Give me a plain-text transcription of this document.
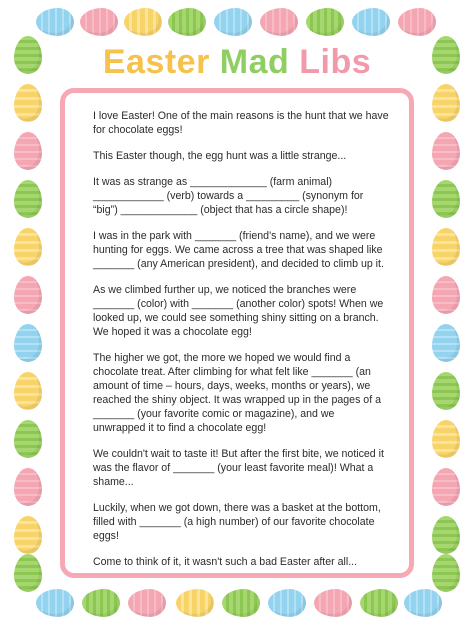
Easter Mad Libs

I love Easter! One of the main reasons is the hunt that we have for chocolate eggs!

This Easter though, the egg hunt was a little strange...

It was as strange as _____________ (farm animal) ____________ (verb) towards a _________ (synonym for “big”) _____________ (object that has a circle shape)!

I was in the park with _______ (friend's name), and we were hunting for eggs. We came across a tree that was shaped like _______ (any American president), and decided to climb up it.

As we climbed further up, we noticed the branches were _______ (color) with _______ (another color) spots! When we looked up, we could see something shiny sitting on a branch. We hoped it was a chocolate egg!

The higher we got, the more we hoped we would find a chocolate treat. After climbing for what felt like _______ (an amount of time – hours, days, weeks, months or years), we reached the shiny object. It was wrapped up in the pages of a _______ (your favorite comic or magazine), and we unwrapped it to find a chocolate egg!

We couldn't wait to taste it! But after the first bite, we noticed it was the flavor of _______ (your least favorite meal)! What a shame...

Luckily, when we got down, there was a basket at the bottom, filled with _______ (a high number) of our favorite chocolate eggs!

Come to think of it, it wasn't such a bad Easter after all...
